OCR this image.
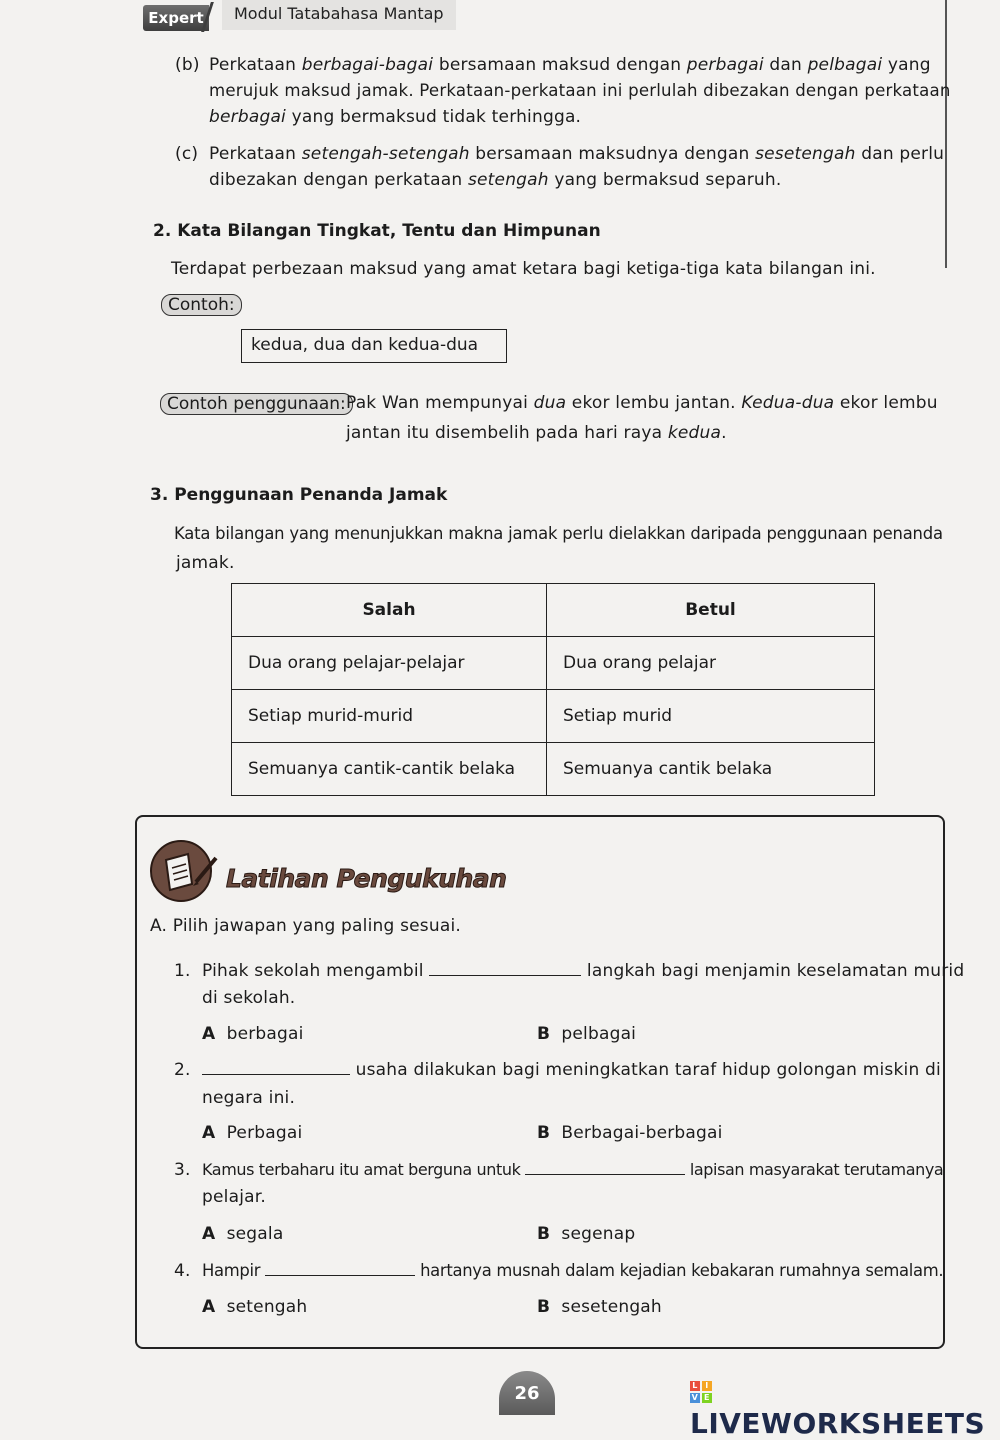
Expert	Modul Tatabahasa Mantap
(b) Perkataan berbagai-bagai bersamaan maksud dengan perbagai dan pelbagai yang
merujuk maksud jamak. Perkataan-perkataan ini perlulah dibezakan dengan perkataan
berbagai yang bermaksud tidak terhingga.
(c) Perkataan setengah-setengah bersamaan maksudnya dengan sesetengah dan perlu
dibezakan dengan perkataan setengah yang bermaksud separuh.
2. Kata Bilangan Tingkat, Tentu dan Himpunan
Terdapat perbezaan maksud yang amat ketara bagi ketiga-tiga kata bilangan ini.
Contoh:
kedua, dua dan kedua-dua
Contoh penggunaan: Pak Wan mempunyai dua ekor lembu jantan. Kedua-dua ekor lembu
jantan itu disembelih pada hari raya kedua.
3. Penggunaan Penanda Jamak
Kata bilangan yang menunjukkan makna jamak perlu dielakkan daripada penggunaan penanda
jamak.
Salah	Betul
Dua orang pelajar-pelajar	Dua orang pelajar
Setiap murid-murid	Setiap murid
Semuanya cantik-cantik belaka	Semuanya cantik belaka
Latihan Pengukuhan
A. Pilih jawapan yang paling sesuai.
1. Pihak sekolah mengambil	langkah bagi menjamin keselamatan murid
di sekolah.
A berbagai	B pelbagai
2.	usaha dilakukan bagi meningkatkan taraf hidup golongan miskin di
negara ini.
A Perbagai	B Berbagai-berbagai
3. Kamus terbaharu itu amat berguna untuk	lapisan masyarakat terutamanya
pelajar.
A segala	B segenap
4. Hampir	hartanya musnah dalam kejadian kebakaran rumahnya semalam.
A setengah	B sesetengah
26	L I
V E
LIVEWORKSHEETS
